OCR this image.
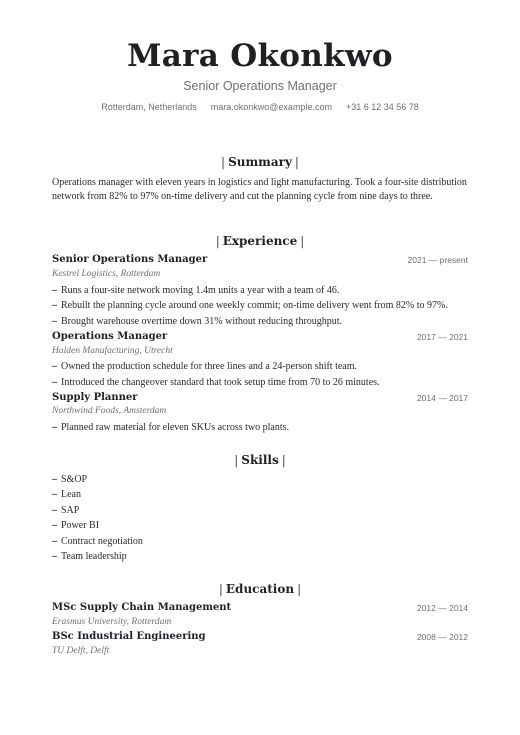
Mara Okonkwo
Senior Operations Manager
Rotterdam, Netherlands mara.okonkwo@example.com +31 6 12 34 56 78
| Summary |
Operations manager with eleven years in logistics and light manufacturing. Took a four-site distribution network from 82% to 97% on-time delivery and cut the planning cycle from nine days to three.
| Experience |
Senior Operations Manager	2021 — present
Kestrel Logistics, Rotterdam
– Runs a four-site network moving 1.4m units a year with a team of 46.
– Rebuilt the planning cycle around one weekly commit; on-time delivery went from 82% to 97%.
– Brought warehouse overtime down 31% without reducing throughput.
Operations Manager	2017 — 2021
Halden Manufacturing, Utrecht
– Owned the production schedule for three lines and a 24-person shift team.
– Introduced the changeover standard that took setup time from 70 to 26 minutes.
Supply Planner	2014 — 2017
Northwind Foods, Amsterdam
– Planned raw material for eleven SKUs across two plants.
| Skills |
– S&OP
– Lean
– SAP
– Power BI
– Contract negotiation
– Team leadership
| Education |
MSc Supply Chain Management	2012 — 2014
Erasmus University, Rotterdam
BSc Industrial Engineering	2008 — 2012
TU Delft, Delft
